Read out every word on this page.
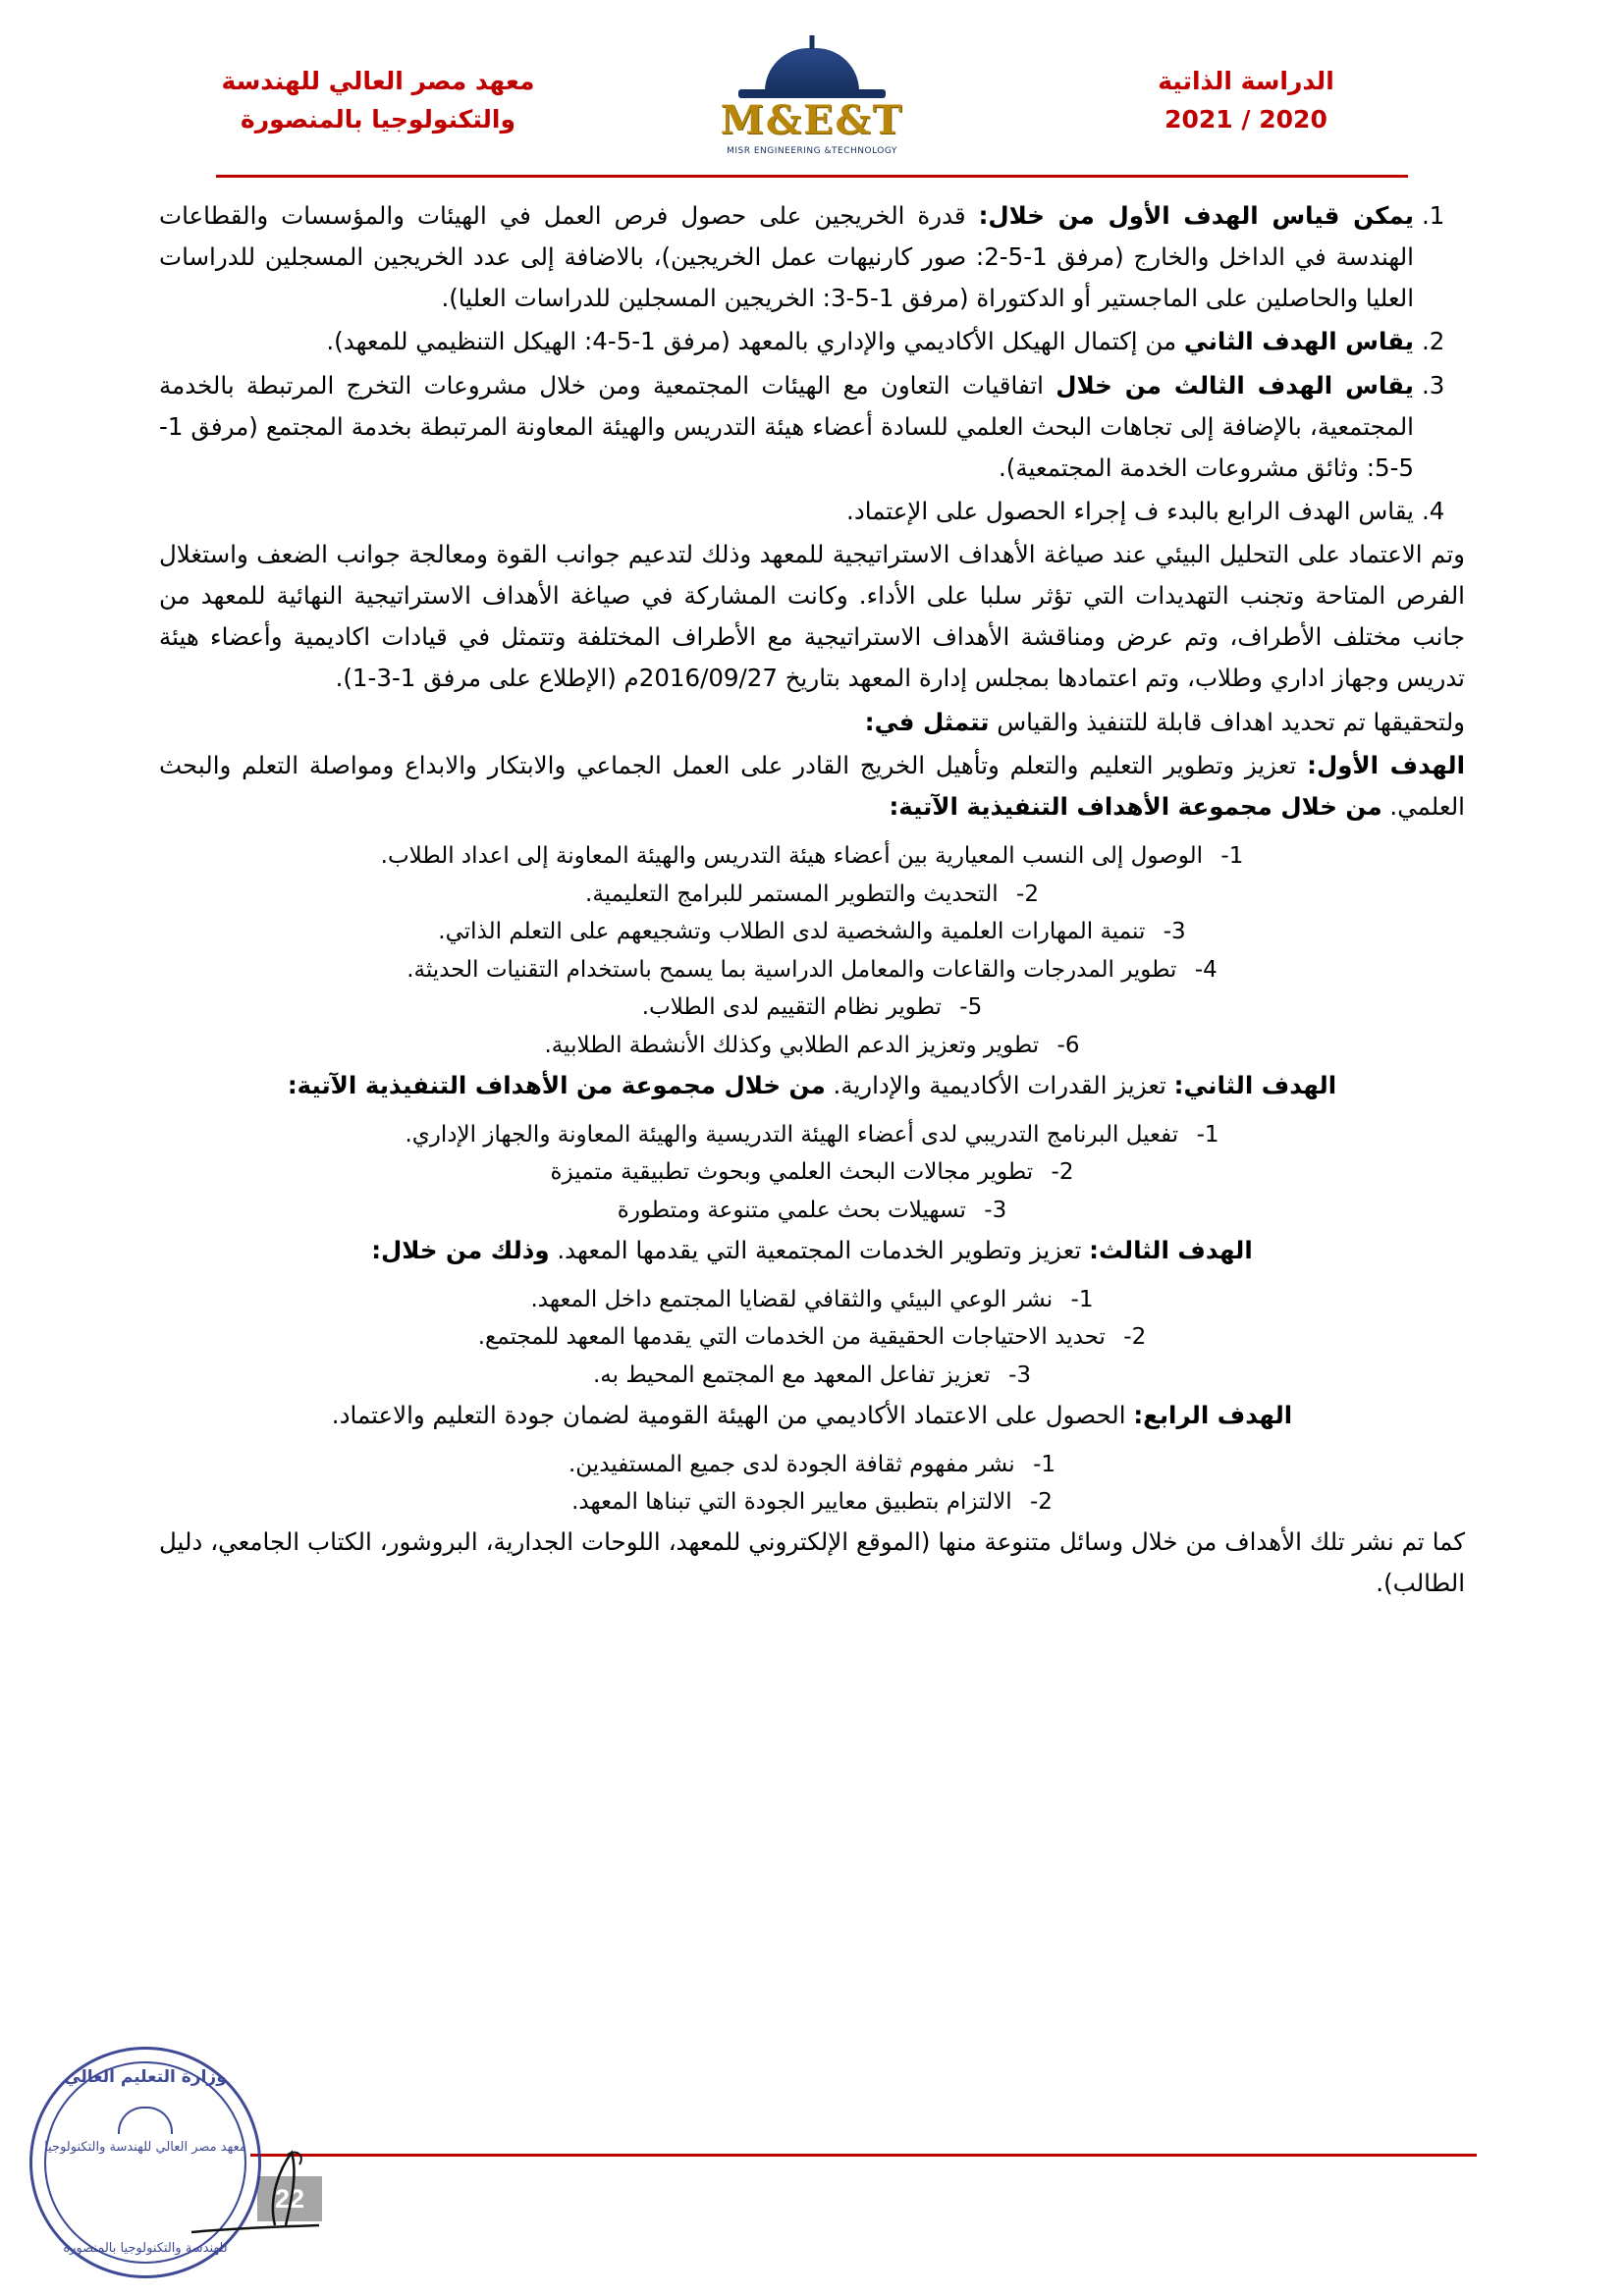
الدراسة الذاتية
2020 / 2021
M&E&T
MISR ENGINEERING &TECHNOLOGY
معهد مصر العالي للهندسة
والتكنولوجيا بالمنصورة
يمكن قياس الهدف الأول من خلال: قدرة الخريجين على حصول فرص العمل في الهيئات والمؤسسات والقطاعات الهندسة في الداخل والخارج (مرفق 1-5-2: صور كارنيهات عمل الخريجين)، بالاضافة إلى عدد الخريجين المسجلين للدراسات العليا والحاصلين على الماجستير أو الدكتوراة (مرفق 1-5-3: الخريجين المسجلين للدراسات العليا).
يقاس الهدف الثاني من إكتمال الهيكل الأكاديمي والإداري بالمعهد (مرفق 1-5-4: الهيكل التنظيمي للمعهد).
يقاس الهدف الثالث من خلال اتفاقيات التعاون مع الهيئات المجتمعية ومن خلال مشروعات التخرج المرتبطة بالخدمة المجتمعية، بالإضافة إلى تجاهات البحث العلمي للسادة أعضاء هيئة التدريس والهيئة المعاونة المرتبطة بخدمة المجتمع (مرفق 1-5-5: وثائق مشروعات الخدمة المجتمعية).
يقاس الهدف الرابع بالبدء ف إجراء الحصول على الإعتماد.

وتم الاعتماد على التحليل البيئي عند صياغة الأهداف الاستراتيجية للمعهد وذلك لتدعيم جوانب القوة ومعالجة جوانب الضعف واستغلال الفرص المتاحة وتجنب التهديدات التي تؤثر سلبا على الأداء. وكانت المشاركة في صياغة الأهداف الاستراتيجية النهائية للمعهد من جانب مختلف الأطراف، وتم عرض ومناقشة الأهداف الاستراتيجية مع الأطراف المختلفة وتتمثل في قيادات اكاديمية وأعضاء هيئة تدريس وجهاز اداري وطلاب، وتم اعتمادها بمجلس إدارة المعهد بتاريخ 2016/09/27م (الإطلاع على مرفق 1-3-1).

ولتحقيقها تم تحديد اهداف قابلة للتنفيذ والقياس تتمثل في:

الهدف الأول: تعزيز وتطوير التعليم والتعلم وتأهيل الخريج القادر على العمل الجماعي والابتكار والابداع ومواصلة التعلم والبحث العلمي. من خلال مجموعة الأهداف التنفيذية الآتية:

1- الوصول إلى النسب المعيارية بين أعضاء هيئة التدريس والهيئة المعاونة إلى اعداد الطلاب.
2- التحديث والتطوير المستمر للبرامج التعليمية.
3- تنمية المهارات العلمية والشخصية لدى الطلاب وتشجيعهم على التعلم الذاتي.
4- تطوير المدرجات والقاعات والمعامل الدراسية بما يسمح باستخدام التقنيات الحديثة.
5- تطوير نظام التقييم لدى الطلاب.
6- تطوير وتعزيز الدعم الطلابي وكذلك الأنشطة الطلابية.

الهدف الثاني: تعزيز القدرات الأكاديمية والإدارية. من خلال مجموعة من الأهداف التنفيذية الآتية:

1- تفعيل البرنامج التدريبي لدى أعضاء الهيئة التدريسية والهيئة المعاونة والجهاز الإداري.
2- تطوير مجالات البحث العلمي وبحوث تطبيقية متميزة
3- تسهيلات بحث علمي متنوعة ومتطورة

الهدف الثالث: تعزيز وتطوير الخدمات المجتمعية التي يقدمها المعهد. وذلك من خلال:

1- نشر الوعي البيئي والثقافي لقضايا المجتمع داخل المعهد.
2- تحديد الاحتياجات الحقيقية من الخدمات التي يقدمها المعهد للمجتمع.
3- تعزيز تفاعل المعهد مع المجتمع المحيط به.

الهدف الرابع: الحصول على الاعتماد الأكاديمي من الهيئة القومية لضمان جودة التعليم والاعتماد.

1- نشر مفهوم ثقافة الجودة لدى جميع المستفيدين.
2- الالتزام بتطبيق معايير الجودة التي تبناها المعهد.

كما تم نشر تلك الأهداف من خلال وسائل متنوعة منها (الموقع الإلكتروني للمعهد، اللوحات الجدارية، البروشور، الكتاب الجامعي، دليل الطالب).

22
وزارة التعليم العالي
معهد مصر العالي للهندسة والتكنولوجيا
للهندسة والتكنولوجيا بالمنصورة
